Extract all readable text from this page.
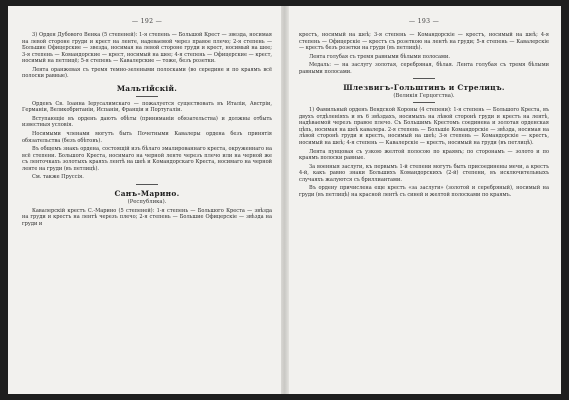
— 192 —

3) Орден Дубового Венка (5 степеней): 1-я степень — Большой Крест — звезда, носимая на левой стороне груди и крест на ленте, надеваемой через правое плечо; 2-я степень — Большие Офицерские — звезда, носимая на левой стороне груди и крест, носимый на шее; 3-я степень — Командорские — крест, носимый на шее; 4-я степень — Офицерские — крест, носимый на петлицё; 5-я степень — Кавалерские — тоже, безъ розетки.

Лента оранжевая съ тремя темно-зелеными полосками (во середине и по краямъ всё полоски равные).

Мальтійскій.

Орденъ Св. Іоанна Іерусалимскаго — пожалуется существовать въ Италіи, Австріи, Германіи, Великобританіи, Испаніи, Франціи и Португаліи.

Вступающіе въ орденъ даютъ обѣты (приниманіи обязательства) и должны отбыть известныя условія.

Носимыми членами могутъ быть Почетными Кавалеры ордена безъ принятія обязательства (безъ обѣтовъ).

Въ общемъ знакъ ордена, состоящій изъ бѣлаго эмалированнаго креста, окруженнаго на всё степени. Большого Креста, носимаго на черной ленте черезъ плечо или на черной же съ ленточкахъ золотыхъ краяхъ лентѣ на шеѣ и Командорскаго Креста, носимаго на черной ленте на груди (въ петлицѣ).

См. также Пруссія.

Санъ-Марино.
(Республика).

Кавалерскій крестъ С.-Марино (5 степеней): 1-я степень — Большого Креста — звѣзда на груди и крестъ на лентѣ черезъ плечо; 2-я степень — Большие Офицерскіе — звѣзда на груди и

— 193 —

крестъ, носимый на шеѣ; 3-я степень — Командорскіе — крестъ, носимый на шеѣ; 4-я степень — Офицерскіе — крестъ съ розеткою на лентѣ на груди; 5-я степень — Кавалерскіе — крестъ безъ розетки на груди (въ петлицѣ).

Лента голубая съ тремя равными бѣлыми полосами.

Медаль: — на заслугу золотая, серебряная, бѣлая. Лента голубая съ тремя бѣлыми равными полосами.

Шлезвигъ-Гольштинъ и Стрелицъ.
(Великія Герцогства).

1) Фамильный орденъ Вендской Короны (4 степени): 1-я степень — Большого Креста, въ двухъ отдѣленіяхъ и въ 6 звѣздахъ, носимыхъ на лѣвой сторонѣ груди и крестъ на лентѣ, надѣваемой черезъ правое плечо. Съ Большимъ Крестомъ соединена и золотая орденская цѣпь, носимая на шеѣ кавалера. 2-я степень — Большіе Командорскіе — звѣзда, носимая на лѣвой сторонѣ груди и крестъ, носимый на шеѣ; 3-я степень — Командорскіе — крестъ, носимый на шеѣ; 4-я степень — Кавалерскіе — крестъ, носимый на груди (въ петлицѣ).

Лента пунцовая съ узкою желтой полосою по краямъ; по сторонамъ — золото и по краямъ полоски равные.

За военныя заслуги, къ первымъ 1-й степени могутъ быть присоединены мечи, а крестъ 4-й, какъ равно знаки Большихъ Командорскихъ (2-й) степени, въ исключительныхъ случаяхъ жалуются съ бриллиантами.

Въ ордену причислена еще крестъ «за заслуги» (золотой и серебряный), носимый на груди (въ петлицѣ) на красной лентѣ съ синей и желтой полосками по краямъ.
